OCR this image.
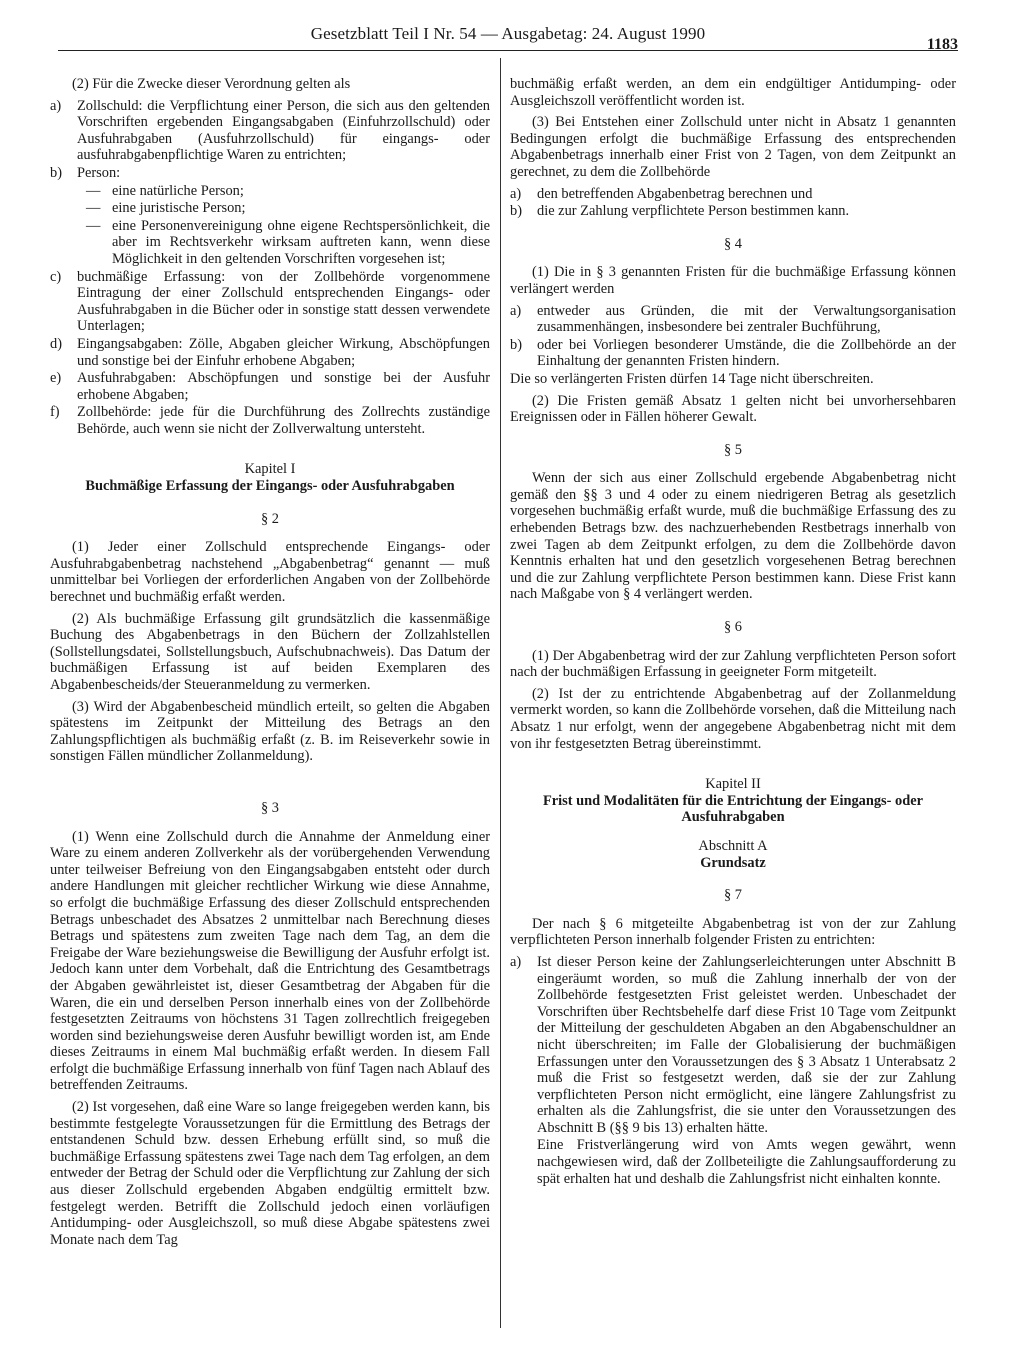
Gesetzblatt Teil I Nr. 54 — Ausgabetag: 24. August 1990
1183

(2) Für die Zwecke dieser Verordnung gelten als

a)	Zollschuld: die Verpflichtung einer Person, die sich aus den geltenden Vorschriften ergebenden Eingangsabgaben (Einfuhrzollschuld) oder Ausfuhrabgaben (Ausfuhrzollschuld) für eingangs- oder ausfuhrabgabenpflichtige Waren zu entrichten;
b)	Person:
— eine natürliche Person;
— eine juristische Person;
— eine Personenvereinigung ohne eigene Rechtspersönlichkeit, die aber im Rechtsverkehr wirksam auftreten kann, wenn diese Möglichkeit in den geltenden Vorschriften vorgesehen ist;
c)	buchmäßige Erfassung: von der Zollbehörde vorgenommene Eintragung der einer Zollschuld entsprechenden Eingangs- oder Ausfuhrabgaben in die Bücher oder in sonstige statt dessen verwendete Unterlagen;
d)	Eingangsabgaben: Zölle, Abgaben gleicher Wirkung, Abschöpfungen und sonstige bei der Einfuhr erhobene Abgaben;
e)	Ausfuhrabgaben: Abschöpfungen und sonstige bei der Ausfuhr erhobene Abgaben;
f)	Zollbehörde: jede für die Durchführung des Zollrechts zuständige Behörde, auch wenn sie nicht der Zollverwaltung untersteht.
Kapitel I
Buchmäßige Erfassung der Eingangs- oder Ausfuhrabgaben
§ 2

(1) Jeder einer Zollschuld entsprechende Eingangs- oder Ausfuhrabgabenbetrag nachstehend „Abgabenbetrag“ genannt — muß unmittelbar bei Vorliegen der erforderlichen Angaben von der Zollbehörde berechnet und buchmäßig erfaßt werden.

(2) Als buchmäßige Erfassung gilt grundsätzlich die kassenmäßige Buchung des Abgabenbetrags in den Büchern der Zollzahlstellen (Sollstellungsdatei, Sollstellungsbuch, Aufschubnachweis). Das Datum der buchmäßigen Erfassung ist auf beiden Exemplaren des Abgabenbescheids/der Steueranmeldung zu vermerken.

(3) Wird der Abgabenbescheid mündlich erteilt, so gelten die Abgaben spätestens im Zeitpunkt der Mitteilung des Betrags an den Zahlungspflichtigen als buchmäßig erfaßt (z. B. im Reiseverkehr sowie in sonstigen Fällen mündlicher Zollanmeldung).

§ 3

(1) Wenn eine Zollschuld durch die Annahme der Anmeldung einer Ware zu einem anderen Zollverkehr als der vorübergehenden Verwendung unter teilweiser Befreiung von den Eingangsabgaben entsteht oder durch andere Handlungen mit gleicher rechtlicher Wirkung wie diese Annahme, so erfolgt die buchmäßige Erfassung des dieser Zollschuld entsprechenden Betrags unbeschadet des Absatzes 2 unmittelbar nach Berechnung dieses Betrags und spätestens zum zweiten Tage nach dem Tag, an dem die Freigabe der Ware beziehungsweise die Bewilligung der Ausfuhr erfolgt ist. Jedoch kann unter dem Vorbehalt, daß die Entrichtung des Gesamtbetrags der Abgaben gewährleistet ist, dieser Gesamtbetrag der Abgaben für die Waren, die ein und derselben Person innerhalb eines von der Zollbehörde festgesetzten Zeitraums von höchstens 31 Tagen zollrechtlich freigegeben worden sind beziehungsweise deren Ausfuhr bewilligt worden ist, am Ende dieses Zeitraums in einem Mal buchmäßig erfaßt werden. In diesem Fall erfolgt die buchmäßige Erfassung innerhalb von fünf Tagen nach Ablauf des betreffenden Zeitraums.

(2) Ist vorgesehen, daß eine Ware so lange freigegeben werden kann, bis bestimmte festgelegte Voraussetzungen für die Ermittlung des Betrags der entstandenen Schuld bzw. dessen Erhebung erfüllt sind, so muß die buchmäßige Erfassung spätestens zwei Tage nach dem Tag erfolgen, an dem entweder der Betrag der Schuld oder die Verpflichtung zur Zahlung der sich aus dieser Zollschuld ergebenden Abgaben endgültig ermittelt bzw. festgelegt werden. Betrifft die Zollschuld jedoch einen vorläufigen Antidumping- oder Ausgleichszoll, so muß diese Abgabe spätestens zwei Monate nach dem Tag

buchmäßig erfaßt werden, an dem ein endgültiger Antidumping- oder Ausgleichszoll veröffentlicht worden ist.

(3) Bei Entstehen einer Zollschuld unter nicht in Absatz 1 genannten Bedingungen erfolgt die buchmäßige Erfassung des entsprechenden Abgabenbetrags innerhalb einer Frist von 2 Tagen, von dem Zeitpunkt an gerechnet, zu dem die Zollbehörde

a)	den betreffenden Abgabenbetrag berechnen und
b)	die zur Zahlung verpflichtete Person bestimmen kann.
§ 4

(1) Die in § 3 genannten Fristen für die buchmäßige Erfassung können verlängert werden

a)	entweder aus Gründen, die mit der Verwaltungsorganisation zusammenhängen, insbesondere bei zentraler Buchführung,
b)	oder bei Vorliegen besonderer Umstände, die die Zollbehörde an der Einhaltung der genannten Fristen hindern.

Die so verlängerten Fristen dürfen 14 Tage nicht überschreiten.

(2) Die Fristen gemäß Absatz 1 gelten nicht bei unvorhersehbaren Ereignissen oder in Fällen höherer Gewalt.

§ 5

Wenn der sich aus einer Zollschuld ergebende Abgabenbetrag nicht gemäß den §§ 3 und 4 oder zu einem niedrigeren Betrag als gesetzlich vorgesehen buchmäßig erfaßt wurde, muß die buchmäßige Erfassung des zu erhebenden Betrags bzw. des nachzuerhebenden Restbetrags innerhalb von zwei Tagen ab dem Zeitpunkt erfolgen, zu dem die Zollbehörde davon Kenntnis erhalten hat und den gesetzlich vorgesehenen Betrag berechnen und die zur Zahlung verpflichtete Person bestimmen kann. Diese Frist kann nach Maßgabe von § 4 verlängert werden.

§ 6

(1) Der Abgabenbetrag wird der zur Zahlung verpflichteten Person sofort nach der buchmäßigen Erfassung in geeigneter Form mitgeteilt.

(2) Ist der zu entrichtende Abgabenbetrag auf der Zollanmeldung vermerkt worden, so kann die Zollbehörde vorsehen, daß die Mitteilung nach Absatz 1 nur erfolgt, wenn der angegebene Abgabenbetrag nicht mit dem von ihr festgesetzten Betrag übereinstimmt.

Kapitel II
Frist und Modalitäten für die Entrichtung der Eingangs- oder Ausfuhrabgaben
Abschnitt A
Grundsatz
§ 7

Der nach § 6 mitgeteilte Abgabenbetrag ist von der zur Zahlung verpflichteten Person innerhalb folgender Fristen zu entrichten:

a)	Ist dieser Person keine der Zahlungserleichterungen unter Abschnitt B eingeräumt worden, so muß die Zahlung innerhalb der von der Zollbehörde festgesetzten Frist geleistet werden. Unbeschadet der Vorschriften über Rechtsbehelfe darf diese Frist 10 Tage vom Zeitpunkt der Mitteilung der geschuldeten Abgaben an den Abgabenschuldner an nicht überschreiten; im Falle der Globalisierung der buchmäßigen Erfassungen unter den Voraussetzungen des § 3 Absatz 1 Unterabsatz 2 muß die Frist so festgesetzt werden, daß sie der zur Zahlung verpflichteten Person nicht ermöglicht, eine längere Zahlungsfrist zu erhalten als die Zahlungsfrist, die sie unter den Voraussetzungen des Abschnitt B (§§ 9 bis 13) erhalten hätte.

Eine Fristverlängerung wird von Amts wegen gewährt, wenn nachgewiesen wird, daß der Zollbeteiligte die Zahlungsaufforderung zu spät erhalten hat und deshalb die Zahlungsfrist nicht einhalten konnte.
